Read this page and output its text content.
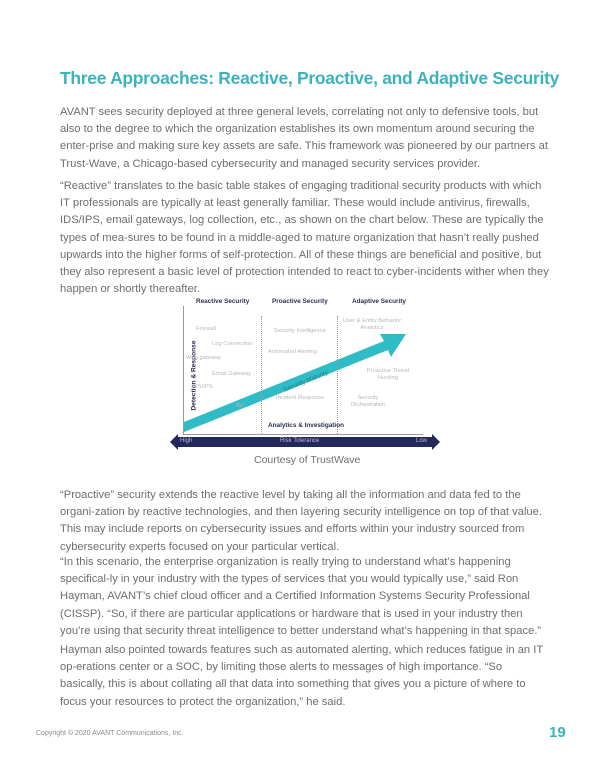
Three Approaches: Reactive, Proactive, and Adaptive Security

AVANT sees security deployed at three general levels, correlating not only to defensive tools, but also to the degree to which the organization establishes its own momentum around securing the enter-prise and making sure key assets are safe. This framework was pioneered by our partners at Trust-Wave, a Chicago-based cybersecurity and managed security services provider.

“Reactive” translates to the basic table stakes of engaging traditional security products with which IT professionals are typically at least generally familiar. These would include antivirus, firewalls, IDS/IPS, email gateways, log collection, etc., as shown on the chart below. These are typically the types of mea-sures to be found in a middle-aged to mature organization that hasn’t really pushed upwards into the higher forms of self-protection. All of these things are beneficial and positive, but they also represent a basic level of protection intended to react to cyber-incidents wither when they happen or shortly thereafter.

Reactive Security	Proactive Security	Adaptive Security
Detection & Response
Firewall
Log Connection
Web gateway
Email Gateway
IDS/IPS
AV
Security Intelligence
Automated Alerting
Incident Response
User & Entity Behavior Analytics
Proactive Threat Hunting
Security Orchestration
Security Maturity
Analytics & Investigation
High	Risk Tolerance	Low
Courtesy of TrustWave

“Proactive” security extends the reactive level by taking all the information and data fed to the organi-zation by reactive technologies, and then layering security intelligence on top of that value. This may include reports on cybersecurity issues and efforts within your industry sourced from cybersecurity experts focused on your particular vertical.

“In this scenario, the enterprise organization is really trying to understand what’s happening specifical-ly in your industry with the types of services that you would typically use,” said Ron Hayman, AVANT’s chief cloud officer and a Certified Information Systems Security Professional (CISSP). “So, if there are particular applications or hardware that is used in your industry then you’re using that security threat intelligence to better understand what’s happening in that space.”

Hayman also pointed towards features such as automated alerting, which reduces fatigue in an IT op-erations center or a SOC, by limiting those alerts to messages of high importance. “So basically, this is about collating all that data into something that gives you a picture of where to focus your resources to protect the organization,” he said.

Copyright © 2020 AVANT Communications, Inc.	19
